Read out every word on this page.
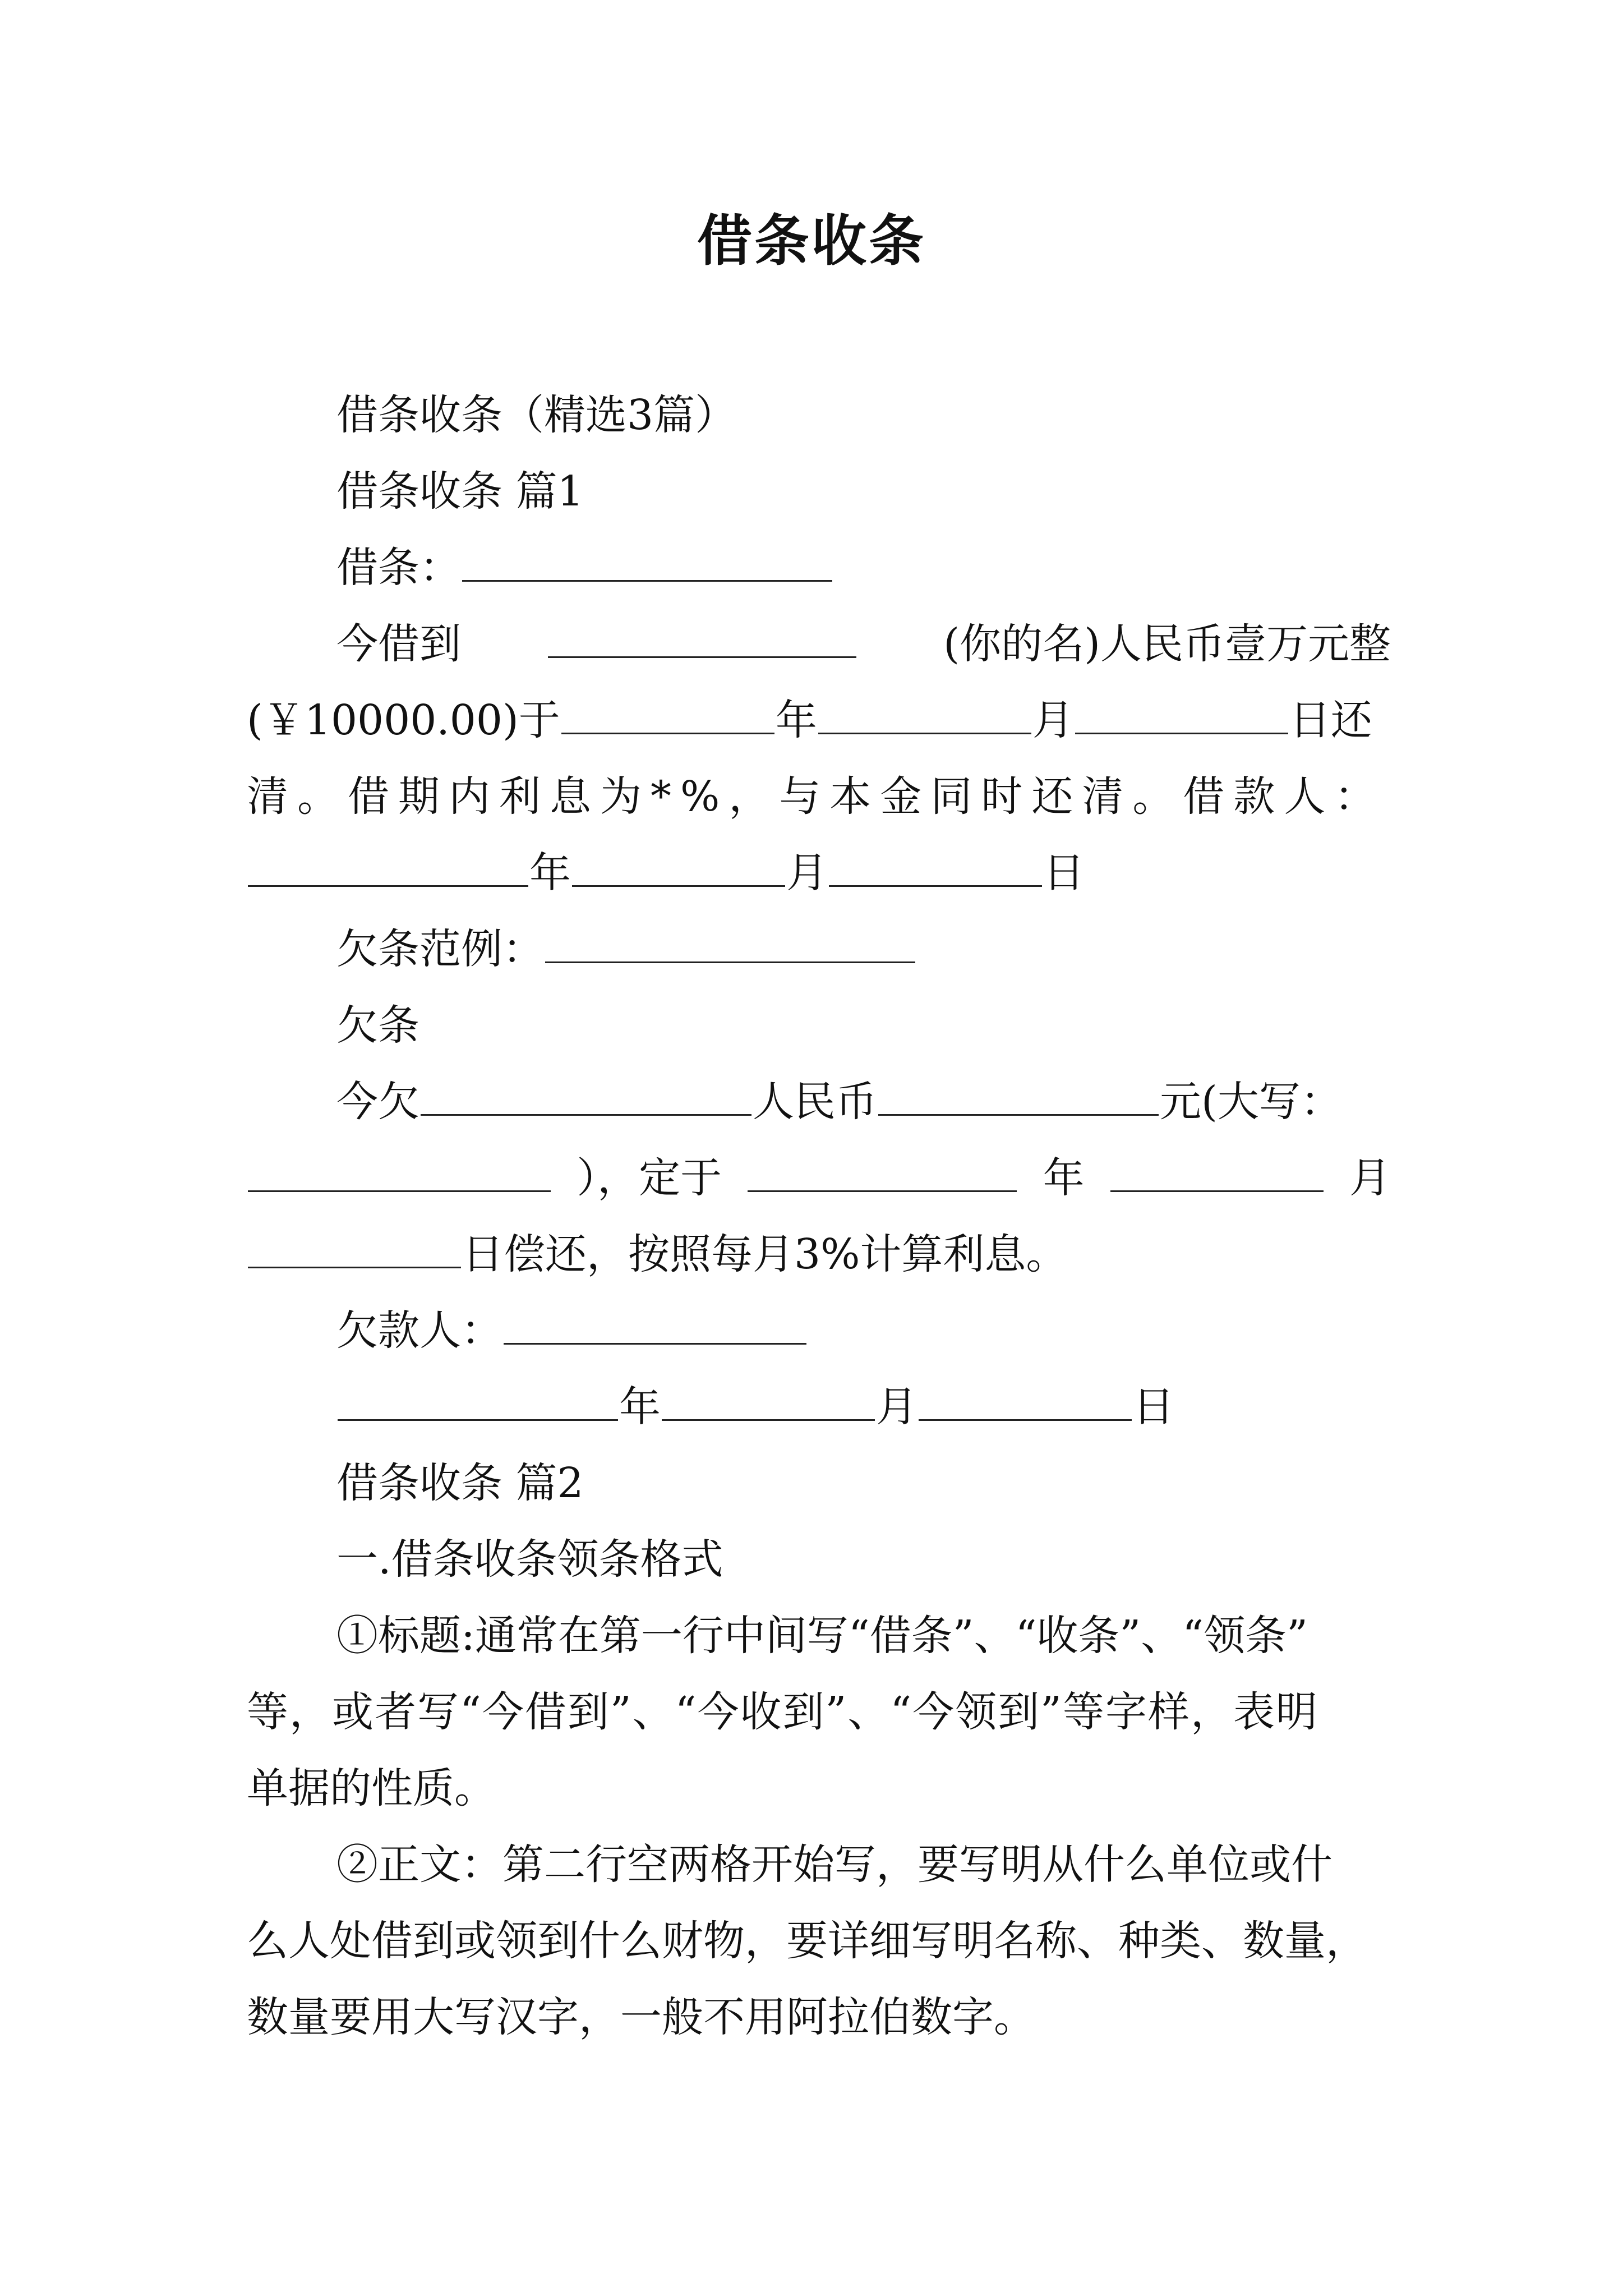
借条收条
借条收条（精选3篇）
借条收条 篇1
借条：
今借到	(你的名)人民币壹万元整
(￥10000.00)于	年	月	日还
清。借期内利息为*%，与本金同时还清。借款人：
年	月	日
欠条范例：
欠条
今欠	人民币	元(大写：
），定于	年	月
日偿还，按照每月3%计算利息。
欠款人：
年	月	日
借条收条 篇2
一.借条收条领条格式
①标题:通常在第一行中间写“借条”、“收条”、“领条”
等，或者写“今借到”、“今收到”、“今领到”等字样，表明
单据的性质。
②正文：第二行空两格开始写，要写明从什么单位或什
么人处借到或领到什么财物，要详细写明名称、种类、数量，
数量要用大写汉字，一般不用阿拉伯数字。
